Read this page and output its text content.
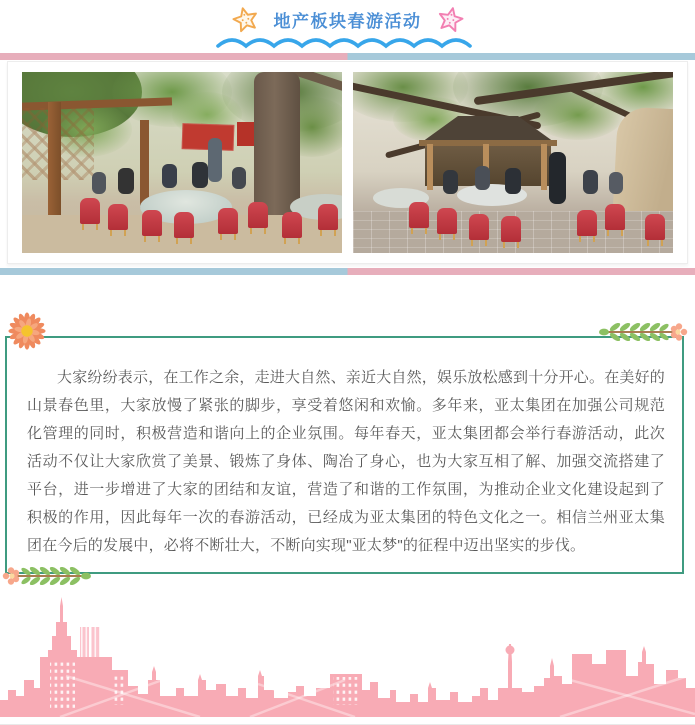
地产板块春游活动

大家纷纷表示，在工作之余，走进大自然、亲近大自然，娱乐放松感到十分开心。在美好的山景春色里，大家放慢了紧张的脚步，享受着悠闲和欢愉。多年来，亚太集团在加强公司规范化管理的同时，积极营造和谐向上的企业氛围。每年春天，亚太集团都会举行春游活动，此次活动不仅让大家欣赏了美景、锻炼了身体、陶冶了身心，也为大家互相了解、加强交流搭建了平台，进一步增进了大家的团结和友谊，营造了和谐的工作氛围，为推动企业文化建设起到了积极的作用，因此每年一次的春游活动，已经成为亚太集团的特色文化之一。相信兰州亚太集团在今后的发展中，必将不断壮大，不断向实现"亚太梦"的征程中迈出坚实的步伐。
